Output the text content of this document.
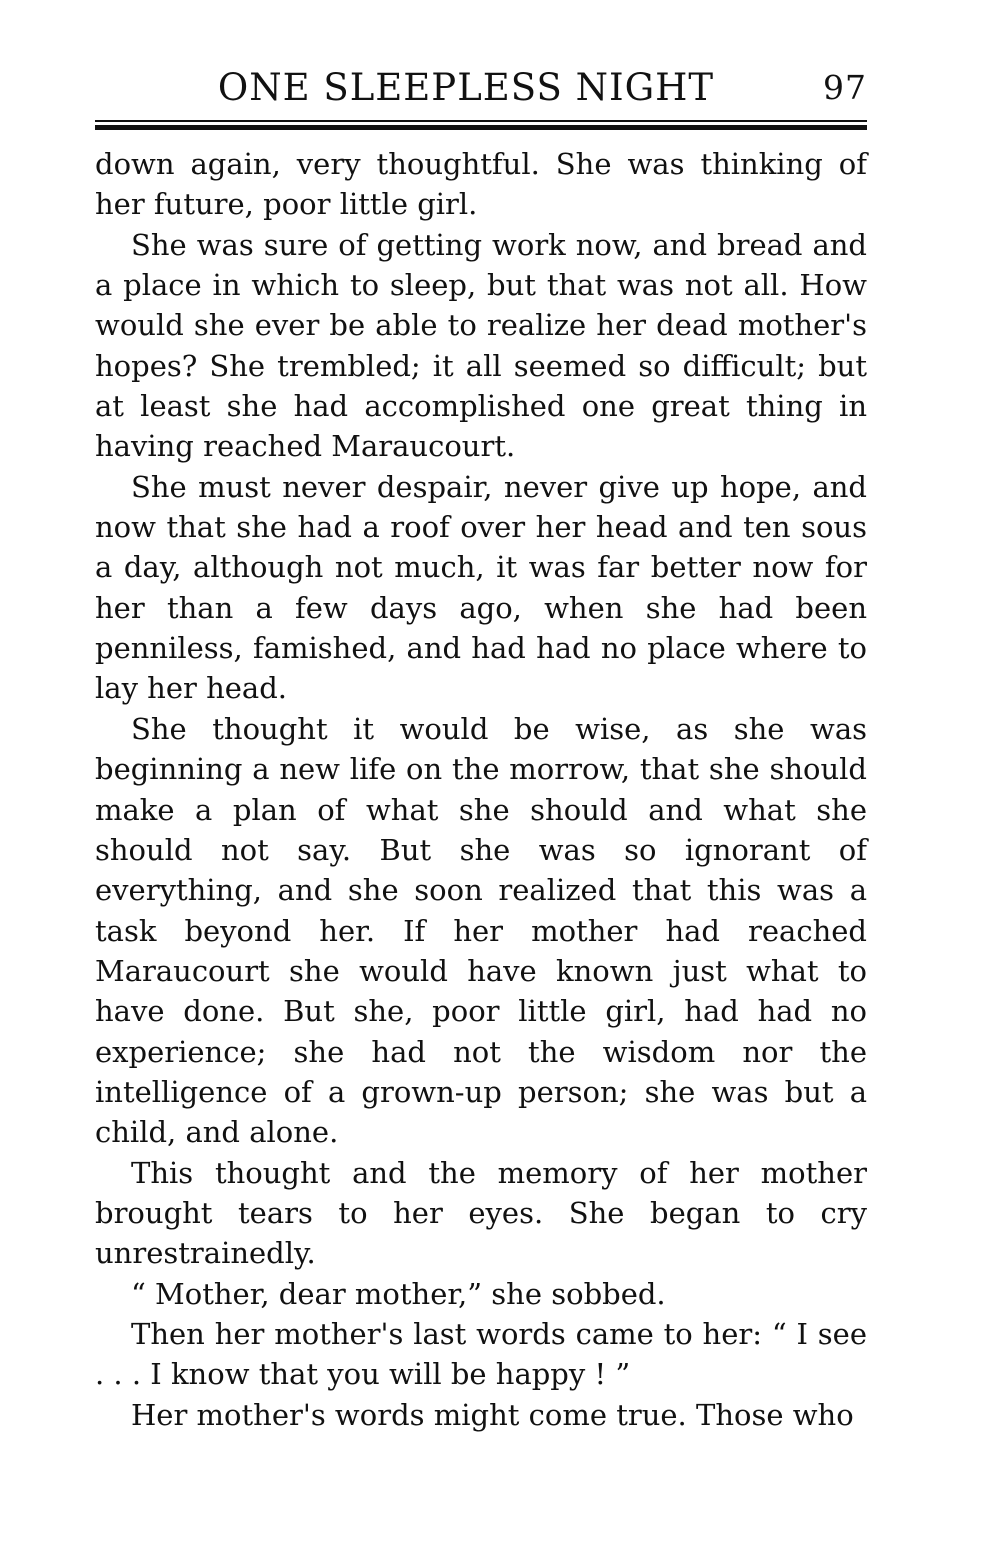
ONE SLEEPLESS NIGHT	97

down again, very thoughtful. She was thinking of her future, poor little girl.

She was sure of getting work now, and bread and a place in which to sleep, but that was not all. How would she ever be able to realize her dead mother's hopes? She trembled; it all seemed so difficult; but at least she had accomplished one great thing in having reached Maraucourt.

She must never despair, never give up hope, and now that she had a roof over her head and ten sous a day, although not much, it was far better now for her than a few days ago, when she had been penniless, famished, and had had no place where to lay her head.

She thought it would be wise, as she was beginning a new life on the morrow, that she should make a plan of what she should and what she should not say. But she was so ignorant of everything, and she soon realized that this was a task beyond her. If her mother had reached Maraucourt she would have known just what to have done. But she, poor little girl, had had no experience; she had not the wisdom nor the intelligence of a grown-up person; she was but a child, and alone.

This thought and the memory of her mother brought tears to her eyes. She began to cry unrestrainedly.

“ Mother, dear mother,” she sobbed.

Then her mother's last words came to her: “ I see . . . I know that you will be happy ! ”

Her mother's words might come true. Those who
